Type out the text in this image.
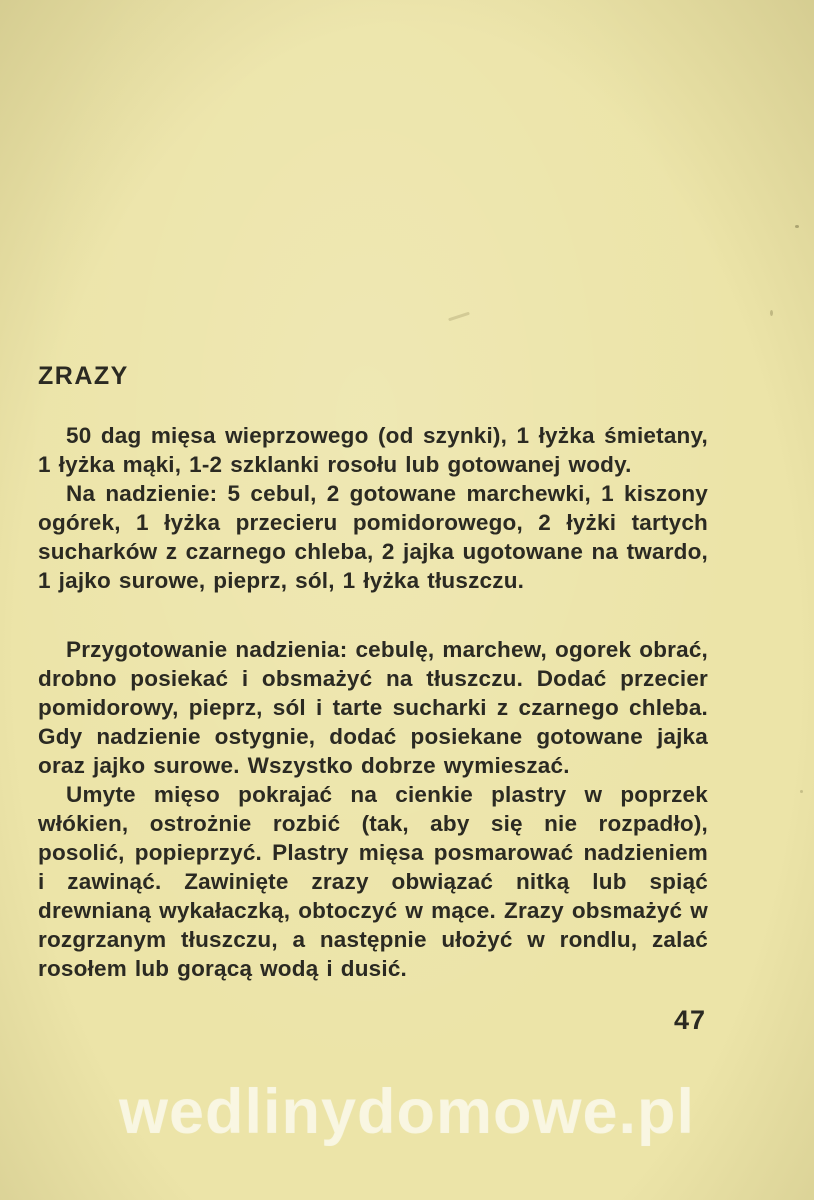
ZRAZY

50 dag mięsa wieprzowego (od szynki), 1 łyżka śmietany, 1 łyżka mąki, 1-2 szklanki rosołu lub gotowanej wody.

Na nadzienie: 5 cebul, 2 gotowane marchewki, 1 kiszony ogórek, 1 łyżka przecieru pomidorowego, 2 łyżki tartych sucharków z czarnego chleba, 2 jajka ugotowane na twardo, 1 jajko surowe, pieprz, sól, 1 łyżka tłuszczu.

Przygotowanie nadzienia: cebulę, marchew, ogorek obrać, drobno posiekać i obsmażyć na tłuszczu. Dodać przecier pomidorowy, pieprz, sól i tarte sucharki z czarnego chleba. Gdy nadzienie ostygnie, dodać posiekane gotowane jajka oraz jajko surowe. Wszystko dobrze wymieszać.

Umyte mięso pokrajać na cienkie plastry w poprzek włókien, ostrożnie rozbić (tak, aby się nie rozpadło), posolić, popieprzyć. Plastry mięsa posmarować nadzieniem i zawinąć. Zawinięte zrazy obwiązać nitką lub spiąć drewnianą wykałaczką, obtoczyć w mące. Zrazy obsmażyć w rozgrzanym tłuszczu, a następnie ułożyć w rondlu, zalać rosołem lub gorącą wodą i dusić.

47
wedlinydomowe.pl
